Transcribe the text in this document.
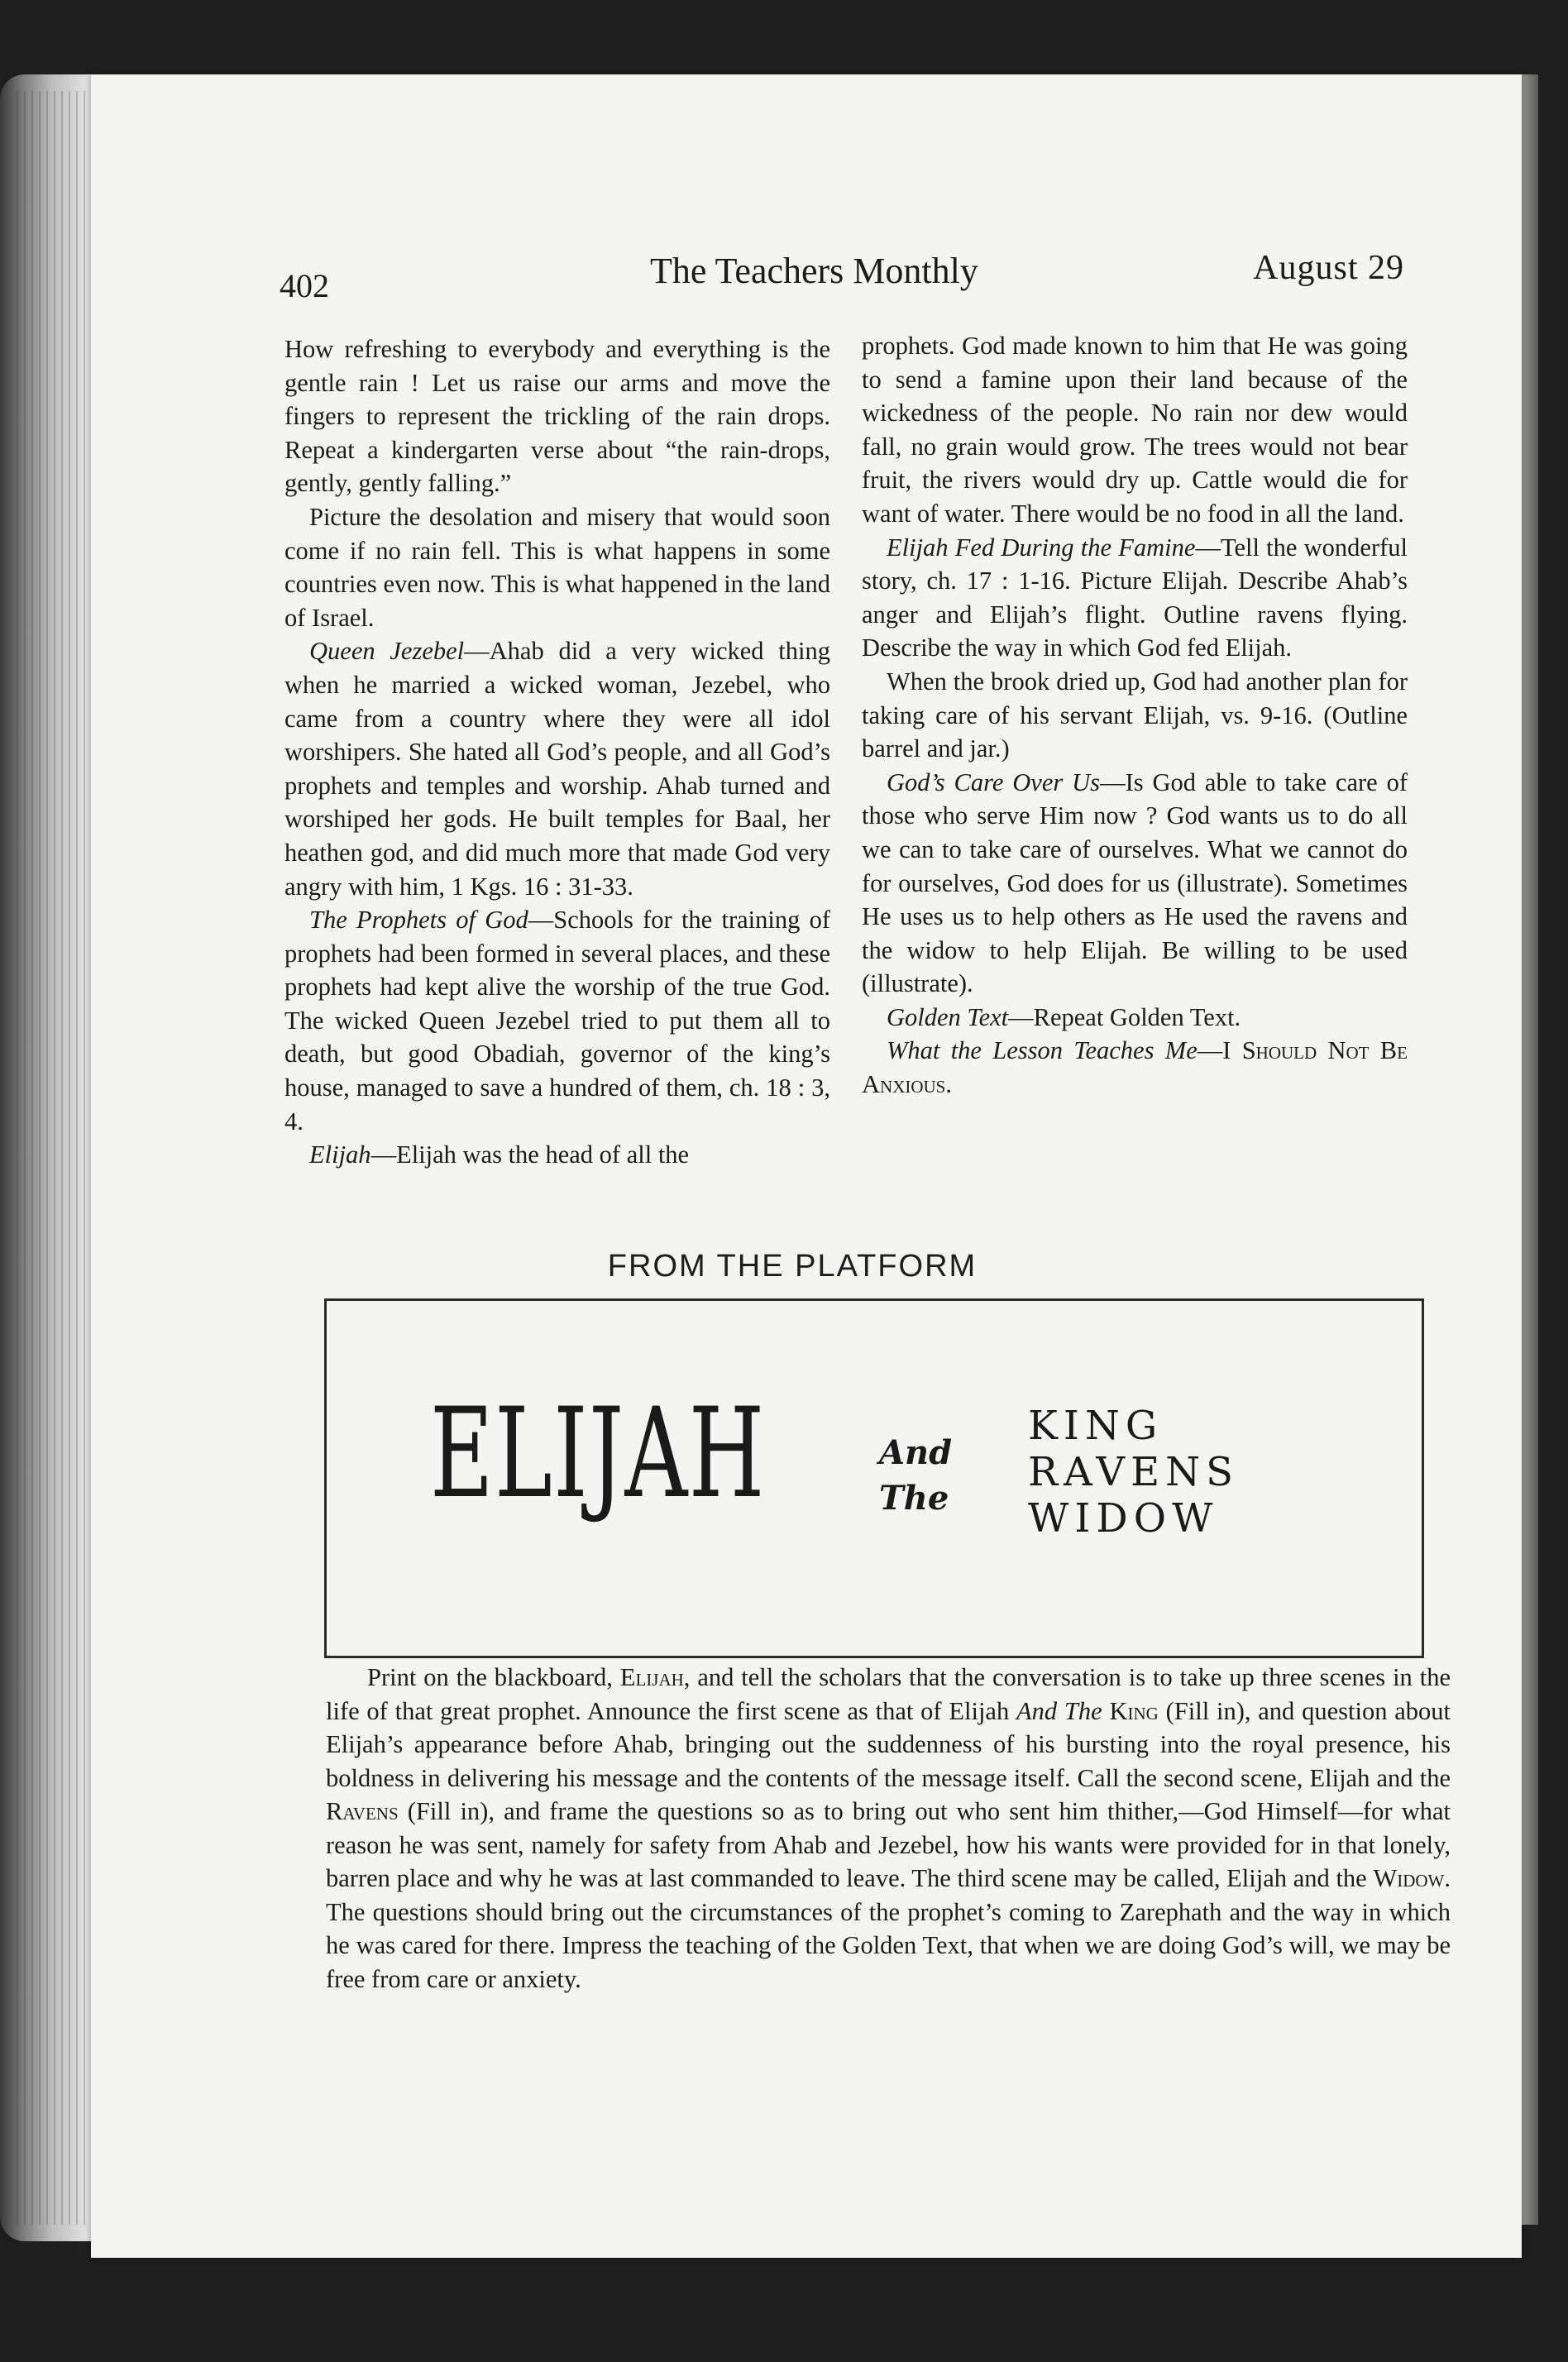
402	The Teachers Monthly	August 29

How refreshing to everybody and everything is the gentle rain ! Let us raise our arms and move the fingers to represent the trickling of the rain drops. Repeat a kindergarten verse about “the rain-drops, gently, gently falling.”

Picture the desolation and misery that would soon come if no rain fell. This is what happens in some countries even now. This is what happened in the land of Israel.

Queen Jezebel—Ahab did a very wicked thing when he married a wicked woman, Jezebel, who came from a country where they were all idol worshipers. She hated all God’s people, and all God’s prophets and temples and worship. Ahab turned and worshiped her gods. He built temples for Baal, her heathen god, and did much more that made God very angry with him, 1 Kgs. 16 : 31-33.

The Prophets of God—Schools for the training of prophets had been formed in several places, and these prophets had kept alive the worship of the true God. The wicked Queen Jezebel tried to put them all to death, but good Obadiah, governor of the king’s house, managed to save a hundred of them, ch. 18 : 3, 4.

Elijah—Elijah was the head of all the

prophets. God made known to him that He was going to send a famine upon their land because of the wickedness of the people. No rain nor dew would fall, no grain would grow. The trees would not bear fruit, the rivers would dry up. Cattle would die for want of water. There would be no food in all the land.

Elijah Fed During the Famine—Tell the wonderful story, ch. 17 : 1-16. Picture Elijah. Describe Ahab’s anger and Elijah’s flight. Outline ravens flying. Describe the way in which God fed Elijah.

When the brook dried up, God had another plan for taking care of his servant Elijah, vs. 9-16. (Outline barrel and jar.)

God’s Care Over Us—Is God able to take care of those who serve Him now ? God wants us to do all we can to take care of ourselves. What we cannot do for ourselves, God does for us (illustrate). Sometimes He uses us to help others as He used the ravens and the widow to help Elijah. Be willing to be used (illustrate).

Golden Text—Repeat Golden Text.

What the Lesson Teaches Me—I Should Not Be Anxious.

FROM THE PLATFORM
ELIJAH	And
The
KING
RAVENS
WIDOW

Print on the blackboard, Elijah, and tell the scholars that the conversation is to take up three scenes in the life of that great prophet. Announce the first scene as that of Elijah And The King (Fill in), and question about Elijah’s appearance before Ahab, bringing out the suddenness of his bursting into the royal presence, his boldness in delivering his message and the contents of the message itself. Call the second scene, Elijah and the Ravens (Fill in), and frame the questions so as to bring out who sent him thither,—God Himself—for what reason he was sent, namely for safety from Ahab and Jezebel, how his wants were provided for in that lonely, barren place and why he was at last commanded to leave. The third scene may be called, Elijah and the Widow. The questions should bring out the circumstances of the prophet’s coming to Zarephath and the way in which he was cared for there. Impress the teaching of the Golden Text, that when we are doing God’s will, we may be free from care or anxiety.
